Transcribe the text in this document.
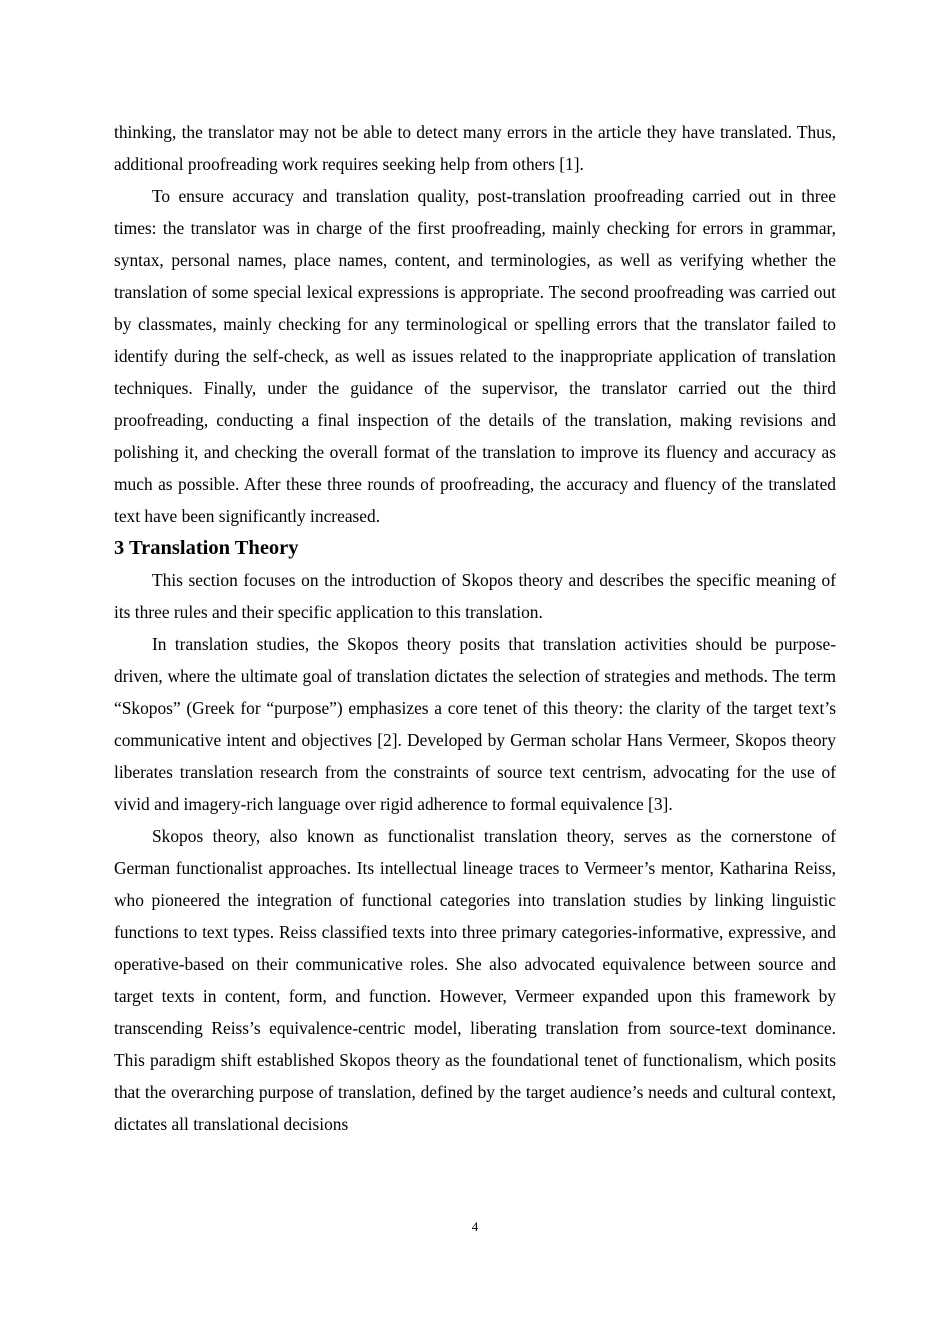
thinking, the translator may not be able to detect many errors in the article they have translated. Thus, additional proofreading work requires seeking help from others [1].

To ensure accuracy and translation quality, post-translation proofreading carried out in three times: the translator was in charge of the first proofreading, mainly checking for errors in grammar, syntax, personal names, place names, content, and terminologies, as well as verifying whether the translation of some special lexical expressions is appropriate. The second proofreading was carried out by classmates, mainly checking for any terminological or spelling errors that the translator failed to identify during the self-check, as well as issues related to the inappropriate application of translation techniques. Finally, under the guidance of the supervisor, the translator carried out the third proofreading, conducting a final inspection of the details of the translation, making revisions and polishing it, and checking the overall format of the translation to improve its fluency and accuracy as much as possible. After these three rounds of proofreading, the accuracy and fluency of the translated text have been significantly increased.

3 Translation Theory

This section focuses on the introduction of Skopos theory and describes the specific meaning of its three rules and their specific application to this translation.

In translation studies, the Skopos theory posits that translation activities should be purpose-driven, where the ultimate goal of translation dictates the selection of strategies and methods. The term “Skopos” (Greek for “purpose”) emphasizes a core tenet of this theory: the clarity of the target text’s communicative intent and objectives [2]. Developed by German scholar Hans Vermeer, Skopos theory liberates translation research from the constraints of source text centrism, advocating for the use of vivid and imagery-rich language over rigid adherence to formal equivalence [3].

Skopos theory, also known as functionalist translation theory, serves as the cornerstone of German functionalist approaches. Its intellectual lineage traces to Vermeer’s mentor, Katharina Reiss, who pioneered the integration of functional categories into translation studies by linking linguistic functions to text types. Reiss classified texts into three primary categories-informative, expressive, and operative-based on their communicative roles. She also advocated equivalence between source and target texts in content, form, and function. However, Vermeer expanded upon this framework by transcending Reiss’s equivalence-centric model, liberating translation from source-text dominance. This paradigm shift established Skopos theory as the foundational tenet of functionalism, which posits that the overarching purpose of translation, defined by the target audience’s needs and cultural context, dictates all translational decisions

4
